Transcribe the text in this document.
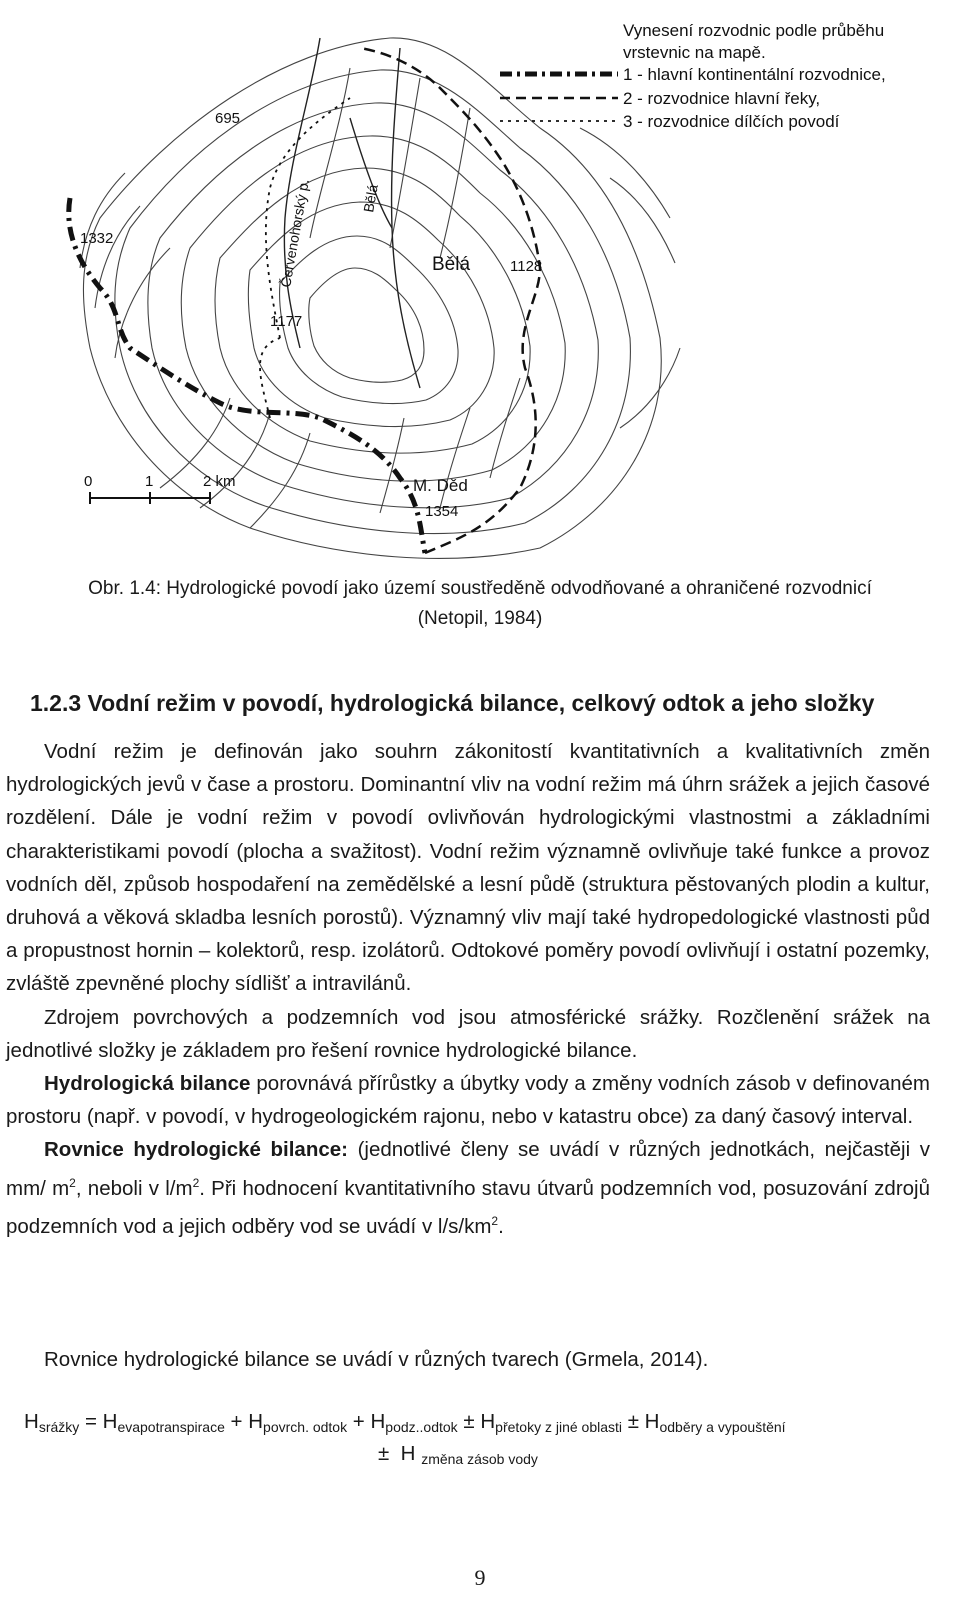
695
1332
1177
1128
1354
Červenohorský p.	Bělá
Bělá
M. Děd
Vynesení rozvodnic podle průběhu
vrstevnic na mapě.
1 - hlavní kontinentální rozvodnice,
2 - rozvodnice hlavní řeky,
3 - rozvodnice dílčích povodí
0	1	2 km
Obr. 1.4: Hydrologické povodí jako území soustředěně odvodňované a ohraničené rozvodnicí
(Netopil, 1984)
1.2.3 Vodní režim v povodí, hydrologická bilance, celkový odtok a jeho složky

Vodní režim je definován jako souhrn zákonitostí kvantitativních a kvalitativních změn hydrologických jevů v čase a prostoru. Dominantní vliv na vodní režim má úhrn srážek a jejich časové rozdělení. Dále je vodní režim v povodí ovlivňován hydrologickými vlastnostmi a základními charakteristikami povodí (plocha a svažitost). Vodní režim významně ovlivňuje také funkce a provoz vodních děl, způsob hospodaření na zemědělské a lesní půdě (struktura pěstovaných plodin a kultur, druhová a věková skladba lesních porostů). Významný vliv mají také hydropedologické vlastnosti půd a propustnost hornin – kolektorů, resp. izolátorů. Odtokové poměry povodí ovlivňují i ostatní pozemky, zvláště zpevněné plochy sídlišť a intravilánů.

Zdrojem povrchových a podzemních vod jsou atmosférické srážky. Rozčlenění srážek na jednotlivé složky je základem pro řešení rovnice hydrologické bilance.

Hydrologická bilance porovnává přírůstky a úbytky vody a změny vodních zásob v definovaném prostoru (např. v povodí, v hydrogeologickém rajonu, nebo v katastru obce) za daný časový interval.

Rovnice hydrologické bilance: (jednotlivé členy se uvádí v různých jednotkách, nejčastěji v mm/ $m^2$, neboli v $l/m^2$. Při hodnocení kvantitativního stavu útvarů podzemních vod, posuzování zdrojů podzemních vod a jejich odběry vod se uvádí v $l/s/km^2$.

Rovnice hydrologické bilance se uvádí v různých tvarech (Grmela, 2014).

$H_{srážky} = H_{evapotranspirace} + H_{povrch. odtok} + H_{podz..odtok} \pm H_{přetoky z jiné oblasti} \pm H_{odběry a vypouštění}$
± H $_{změna zásob vody}$
9
